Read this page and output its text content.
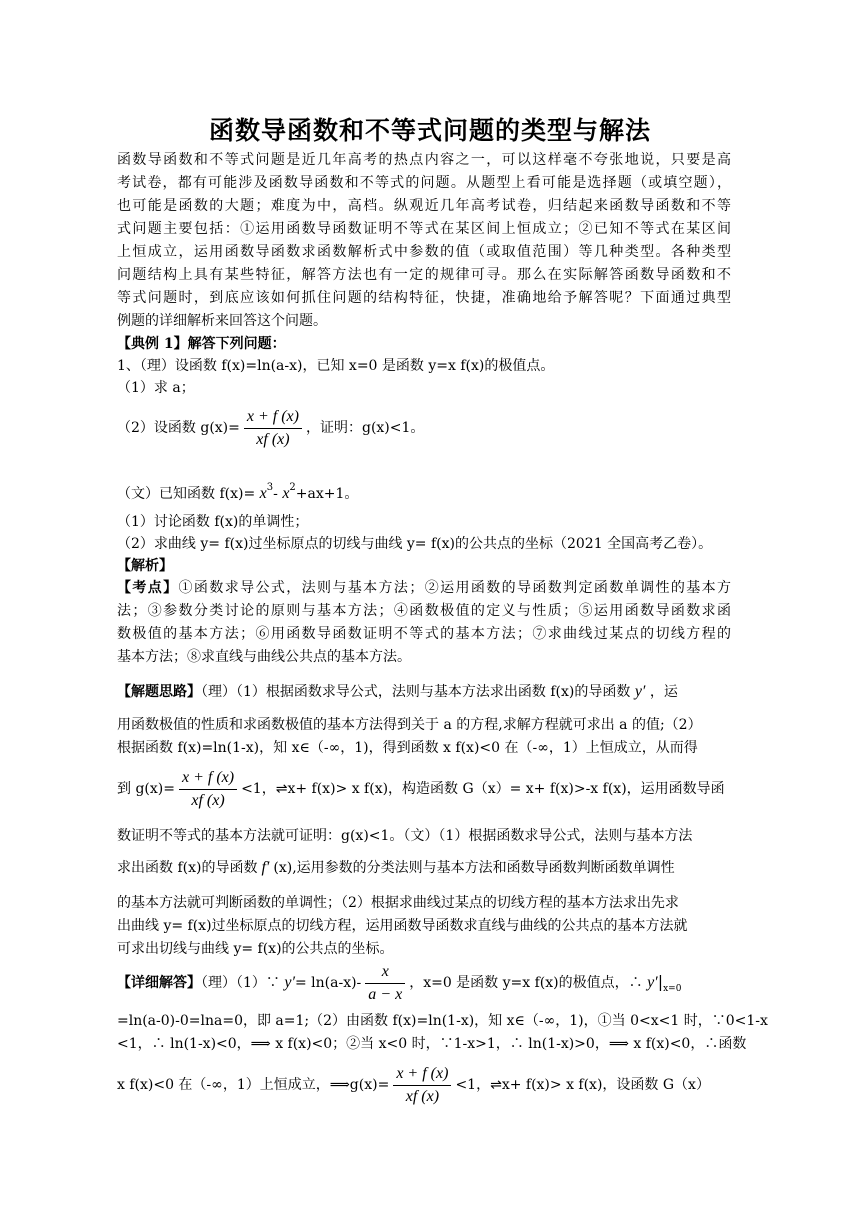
函数导函数和不等式问题的类型与解法
函数导函数和不等式问题是近几年高考的热点内容之一，可以这样毫不夸张地说，只要是高
考试卷，都有可能涉及函数导函数和不等式的问题。从题型上看可能是选择题（或填空题），
也可能是函数的大题；难度为中，高档。纵观近几年高考试卷，归结起来函数导函数和不等
式问题主要包括：①运用函数导函数证明不等式在某区间上恒成立；②已知不等式在某区间
上恒成立，运用函数导函数求函数解析式中参数的值（或取值范围）等几种类型。各种类型
问题结构上具有某些特征，解答方法也有一定的规律可寻。那么在实际解答函数导函数和不
等式问题时，到底应该如何抓住问题的结构特征，快捷，准确地给予解答呢？下面通过典型
例题的详细解析来回答这个问题。
【典例 1】解答下列问题：
1、（理）设函数 f(x)=ln(a-x)，已知 x=0 是函数 y=x f(x)的极值点。
（1）求 a；
（2）设函数 $g(x)= \frac{x + f (x)}{xf (x)}$ ，证明：g(x)<1。
（文）已知函数 $f(x)= x^3-$ $x^2+ax+1$。
（1）讨论函数 f(x)的单调性；
（2）求曲线 y= f(x)过坐标原点的切线与曲线 y= f(x)的公共点的坐标（2021 全国高考乙卷）。
【解析】
【考点】①函数求导公式，法则与基本方法；②运用函数的导函数判定函数单调性的基本方
法；③参数分类讨论的原则与基本方法；④函数极值的定义与性质；⑤运用函数导函数求函
数极值的基本方法；⑥用函数导函数证明不等式的基本方法；⑦求曲线过某点的切线方程的
基本方法；⑧求直线与曲线公共点的基本方法。
【解题思路】（理）（1）根据函数求导公式，法则与基本方法求出函数 f(x)的导函数 y′ ，运
用函数极值的性质和求函数极值的基本方法得到关于 a 的方程,求解方程就可求出 a 的值;（2）
根据函数 f(x)=ln(1-x)，知 x∈（-∞，1)，得到函数 x f(x)<0 在（-∞，1）上恒成立，从而得
到 $g(x)= \frac{x + f (x)}{xf (x)} <1$，⇌x+ f(x)> x f(x)，构造函数 G（x）= x+ f(x)>-x f(x)，运用函数导函
数证明不等式的基本方法就可证明：g(x)<1。（文）（1）根据函数求导公式，法则与基本方法
求出函数 f(x)的导函数 f′ (x),运用参数的分类法则与基本方法和函数导函数判断函数单调性
的基本方法就可判断函数的单调性；（2）根据求曲线过某点的切线方程的基本方法求出先求
出曲线 y= f(x)过坐标原点的切线方程，运用函数导函数求直线与曲线的公共点的基本方法就
可求出切线与曲线 y= f(x)的公共点的坐标。
【详细解答】（理）（1）∵ $y'= \ln(a-x)- \frac{x}{a - x}$ ，x=0 是函数 y=x f(x)的极值点，∴ $y'|_{x=0}$
=ln(a-0)-0=lna=0，即 a=1;（2）由函数 f(x)=ln(1-x)，知 x∈（-∞，1)，①当 0<x<1 时，∵0<1-x
<1，∴ ln(1-x)<0，⟹ x f(x)<0；②当 x<0 时，∵1-x>1，∴ ln(1-x)>0，⟹ x f(x)<0，∴函数
x f(x)<0 在（-∞，1）上恒成立，⟹g(x)= $\frac{x + f (x)}{xf (x)} <1$，⇌x+ f(x)> x f(x)，设函数 G（x）
